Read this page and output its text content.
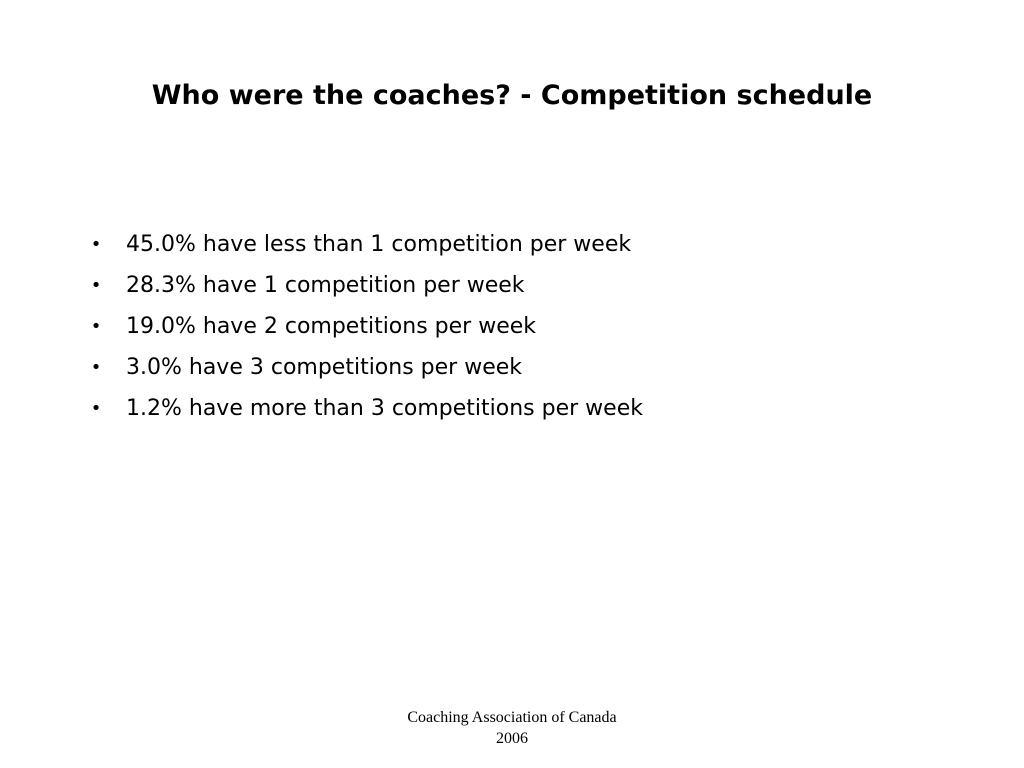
Who were the coaches? - Competition schedule
• 45.0% have less than 1 competition per week
• 28.3% have 1 competition per week
• 19.0% have 2 competitions per week
• 3.0% have 3 competitions per week
• 1.2% have more than 3 competitions per week
Coaching Association of Canada
2006
